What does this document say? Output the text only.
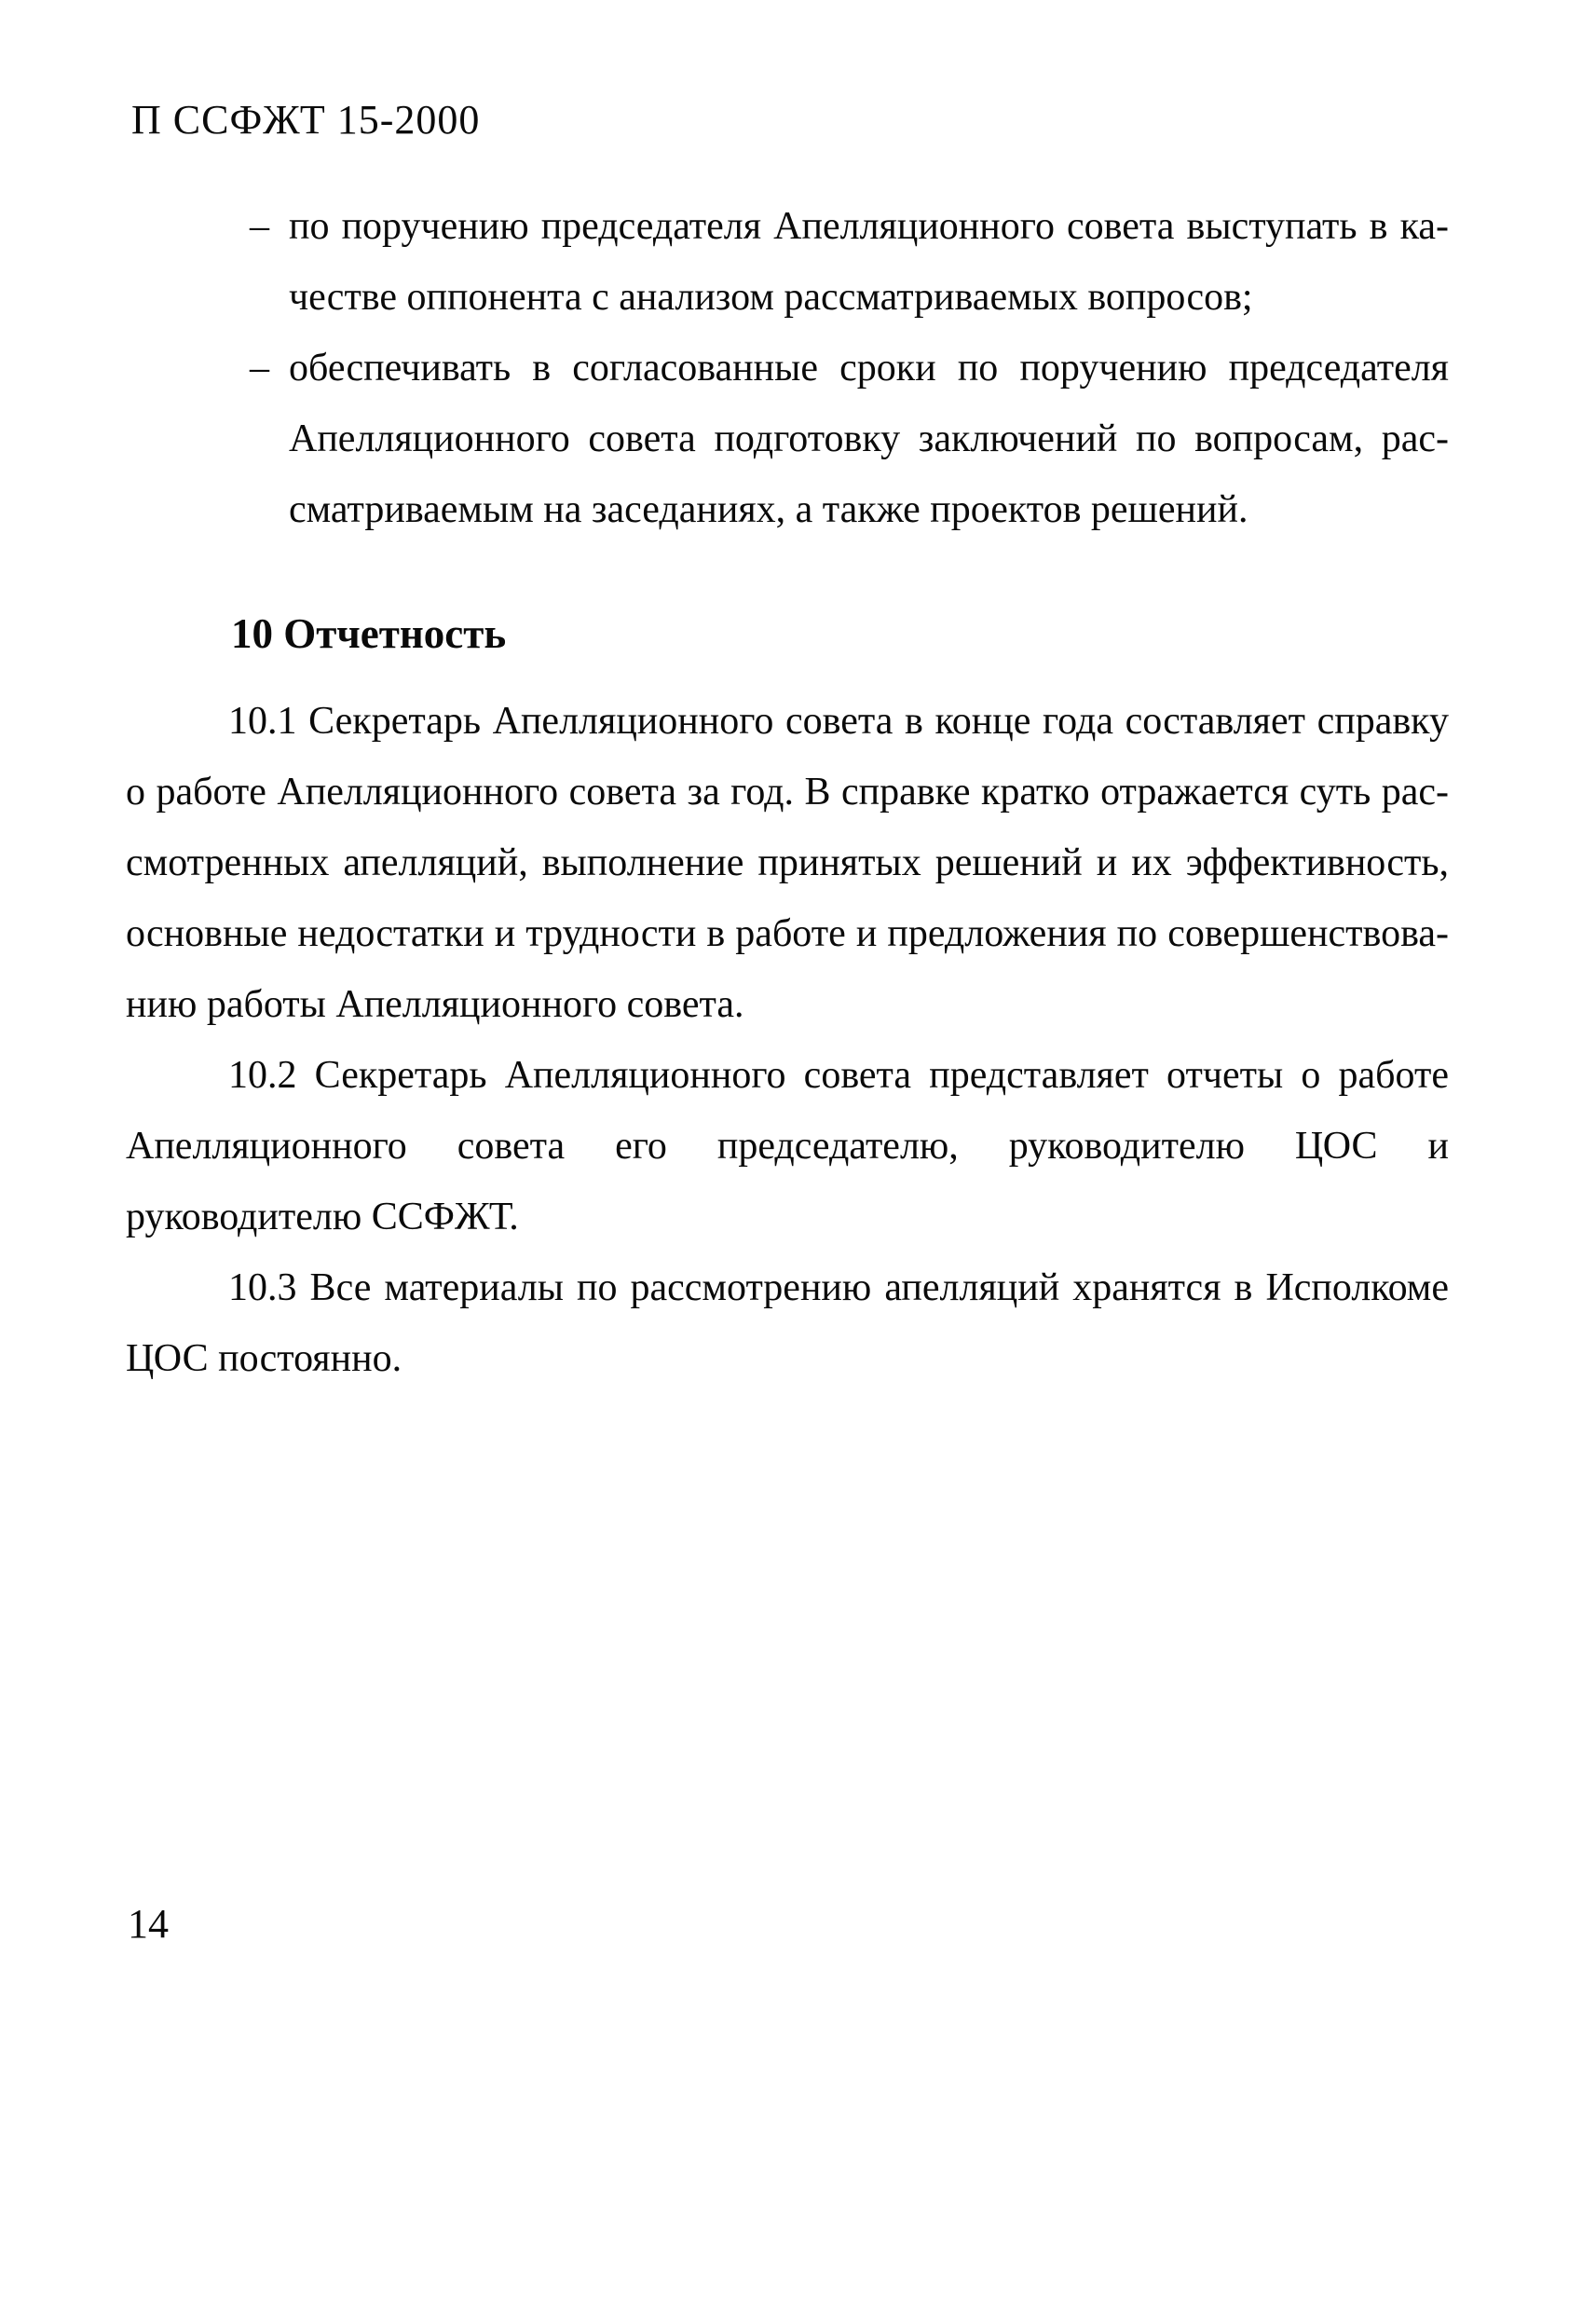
П ССФЖТ 15-2000
– по поручению председателя Апелляционного совета выступать в качестве оппонента с анализом рассматриваемых вопросов;
– обеспечивать в согласованные сроки по поручению председателя Апелляционного совета подготовку заключений по вопросам, рассматриваемым на заседаниях, а также проектов решений.
10 Отчетность

10.1 Секретарь Апелляционного совета в конце года составляет справку о работе Апелляционного совета за год. В справке кратко отражается суть рассмотренных апелляций, выполнение принятых решений и их эффективность, основные недостатки и трудности в работе и предложения по совершенствованию работы Апелляционного совета.

10.2 Секретарь Апелляционного совета представляет отчеты о работе Апелляционного совета его председателю, руководителю ЦОС и руководителю ССФЖТ.

10.3 Все материалы по рассмотрению апелляций хранятся в Исполкоме ЦОС постоянно.

14
